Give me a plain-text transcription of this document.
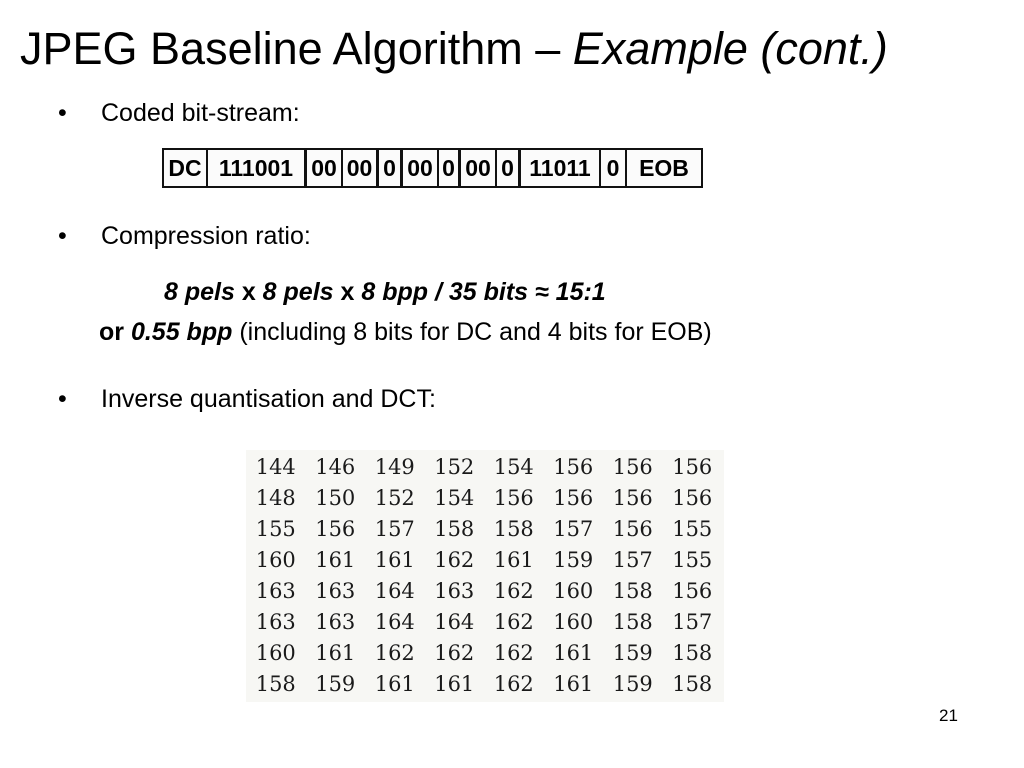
JPEG Baseline Algorithm – Example (cont.)
• Coded bit-stream:
DC 111001 00 00 0 00 0 00 0 11011 0 EOB
• Compression ratio:
8 pels x 8 pels x 8 bpp / 35 bits ≈ 15:1
or 0.55 bpp (including 8 bits for DC and 4 bits for EOB)
• Inverse quantisation and DCT:
144	146	149	152	154	156	156	156
148	150	152	154	156	156	156	156
155	156	157	158	158	157	156	155
160	161	161	162	161	159	157	155
163	163	164	163	162	160	158	156
163	163	164	164	162	160	158	157
160	161	162	162	162	161	159	158
158	159	161	161	162	161	159	158
21
